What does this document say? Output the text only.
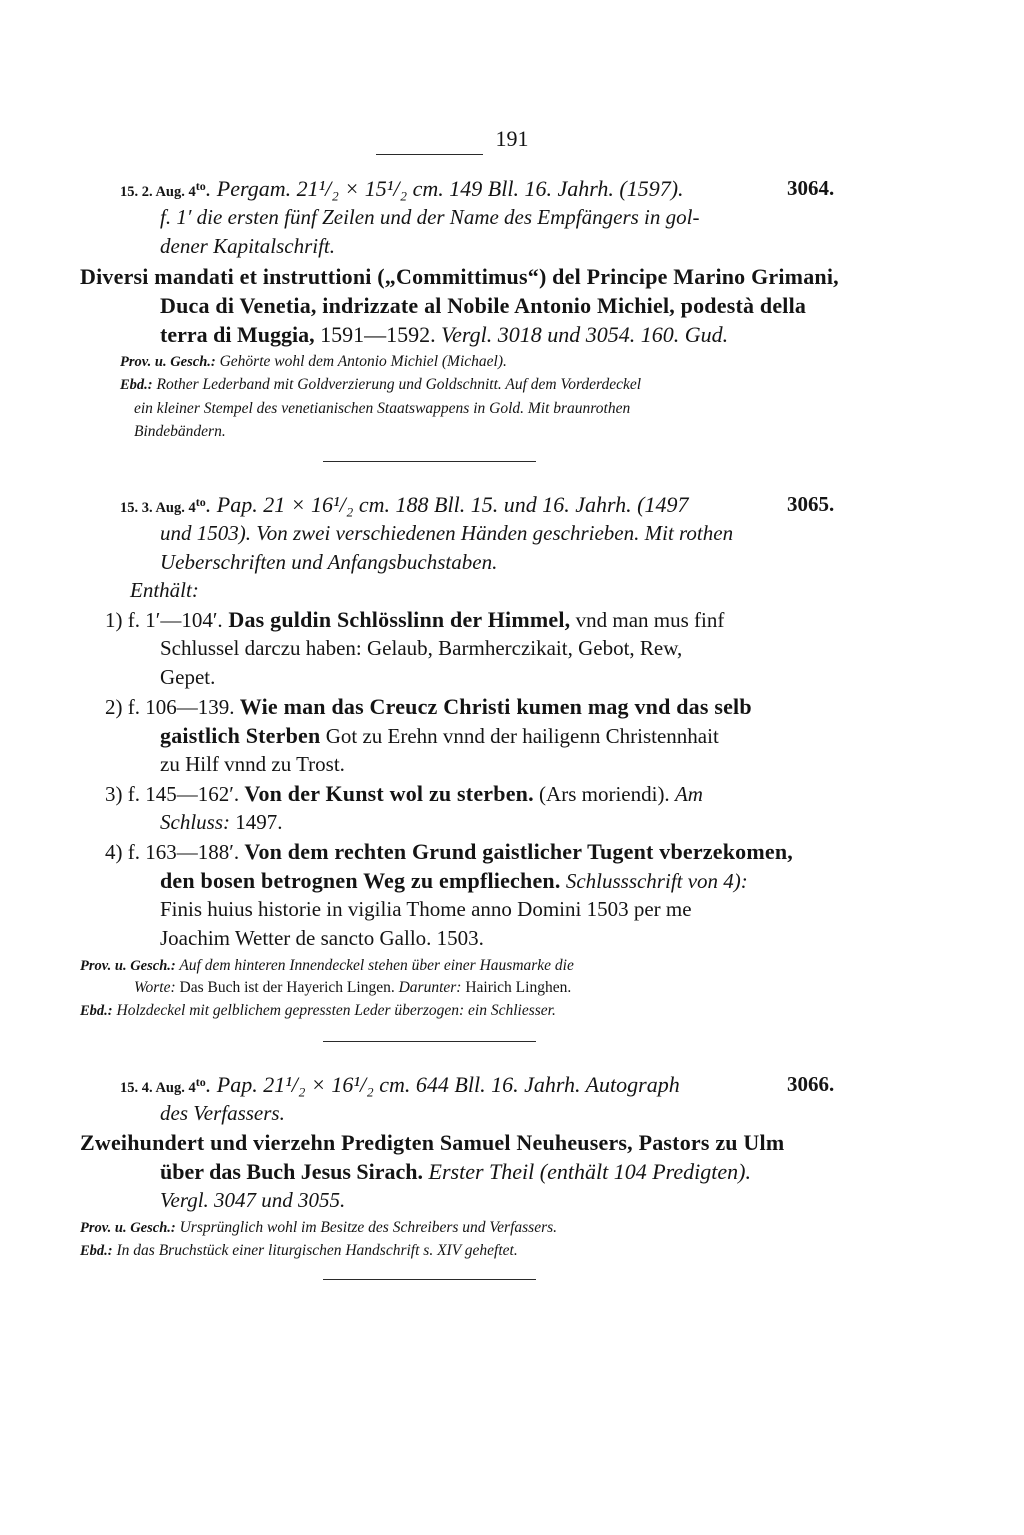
191
15. 2. Aug. $4^{to}$. Pergam. 21¹/₂ × 15¹/₂ cm. 149 Bll. 16. Jahrh. (1597).	3064.
f. 1′ die ersten fünf Zeilen und der Name des Empfängers in gol-
dener Kapitalschrift.
Diversi mandati et instruttioni („Committimus“) del Principe Marino Grimani,
Duca di Venetia, indrizzate al Nobile Antonio Michiel, podestà della
terra di Muggia, 1591—1592. Vergl. 3018 und 3054. 160. Gud.
Prov. u. Gesch.: Gehörte wohl dem Antonio Michiel (Michael).
Ebd.: Rother Lederband mit Goldverzierung und Goldschnitt. Auf dem Vorderdeckel
ein kleiner Stempel des venetianischen Staatswappens in Gold. Mit braunrothen
Bindebändern.
15. 3. Aug. $4^{to}$. Pap. 21 × 16¹/₂ cm. 188 Bll. 15. und 16. Jahrh. (1497	3065.
und 1503). Von zwei verschiedenen Händen geschrieben. Mit rothen
Ueberschriften und Anfangsbuchstaben.
Enthält:
1) f. 1′—104′. Das guldin Schlösslinn der Himmel, vnd man mus finf
Schlussel darczu haben: Gelaub, Barmherczikait, Gebot, Rew,
Gepet.
2) f. 106—139. Wie man das Creucz Christi kumen mag vnd das selb
gaistlich Sterben Got zu Erehn vnnd der hailigenn Christennhait
zu Hilf vnnd zu Trost.
3) f. 145—162′. Von der Kunst wol zu sterben. (Ars moriendi). Am
Schluss: 1497.
4) f. 163—188′. Von dem rechten Grund gaistlicher Tugent vberzekomen,
den bosen betrognen Weg zu empfliechen. Schlussschrift von 4):
Finis huius historie in vigilia Thome anno Domini 1503 per me
Joachim Wetter de sancto Gallo. 1503.
Prov. u. Gesch.: Auf dem hinteren Innendeckel stehen über einer Hausmarke die
Worte: Das Buch ist der Hayerich Lingen. Darunter: Hairich Linghen.
Ebd.: Holzdeckel mit gelblichem gepressten Leder überzogen: ein Schliesser.
15. 4. Aug. $4^{to}$. Pap. 21¹/₂ × 16¹/₂ cm. 644 Bll. 16. Jahrh. Autograph	3066.
des Verfassers.
Zweihundert und vierzehn Predigten Samuel Neuheusers, Pastors zu Ulm
über das Buch Jesus Sirach. Erster Theil (enthält 104 Predigten).
Vergl. 3047 und 3055.
Prov. u. Gesch.: Ursprünglich wohl im Besitze des Schreibers und Verfassers.
Ebd.: In das Bruchstück einer liturgischen Handschrift s. XIV geheftet.
